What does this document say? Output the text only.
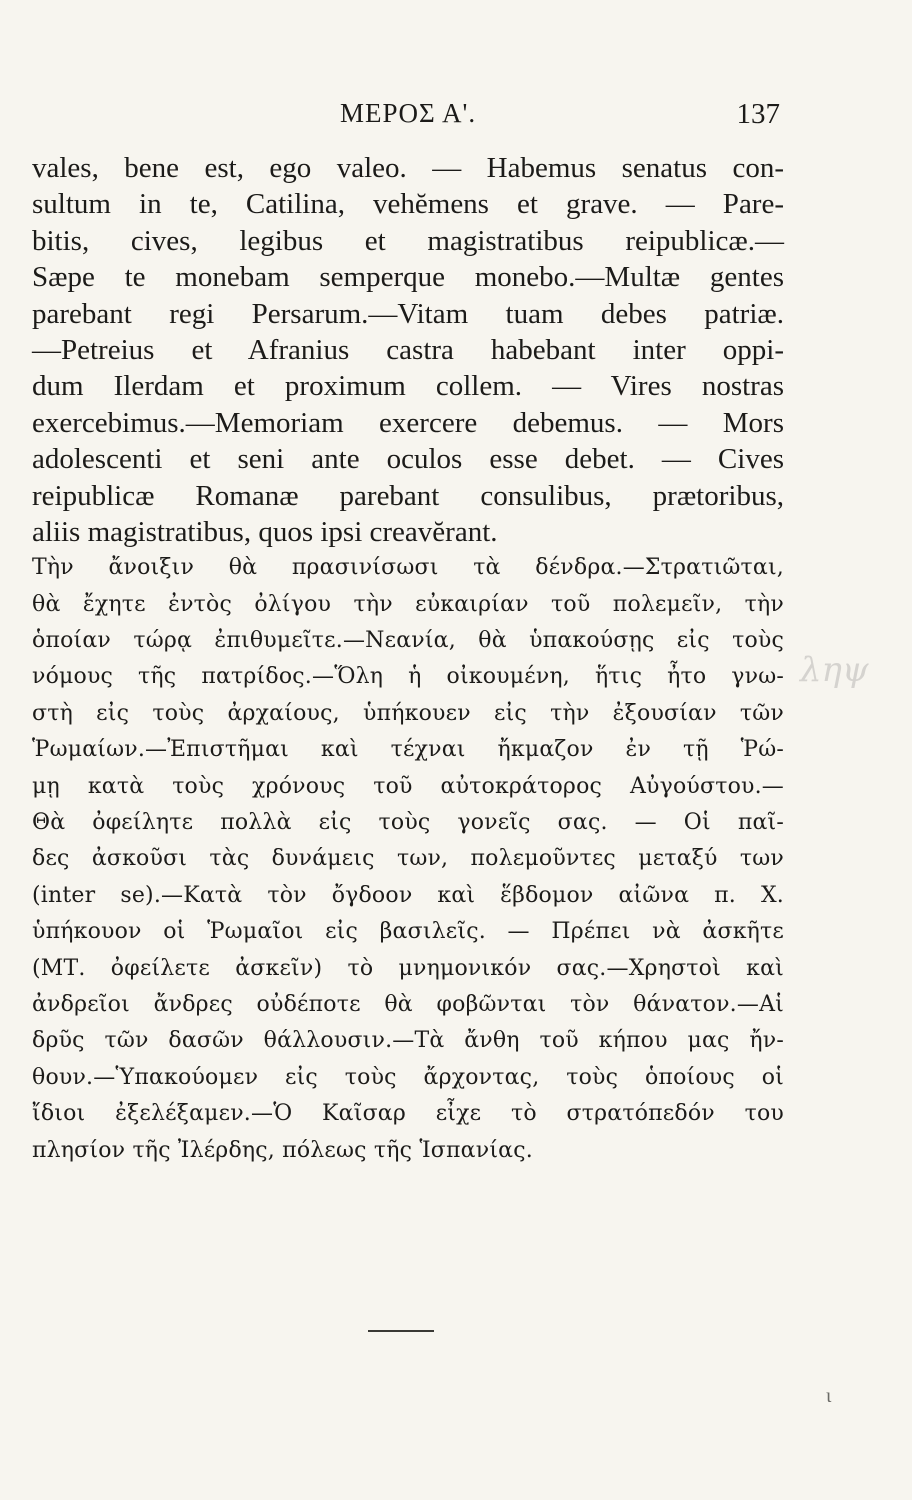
ΜΕΡΟΣ Α'.	137
vales, bene est, ego valeo. — Habemus senatus con-
sultum in te, Catilina, vehĕmens et grave. — Pare-
bitis, cives, legibus et magistratibus reipublicæ.—
Sæpe te monebam semperque monebo.—Multæ gentes
parebant regi Persarum.—Vitam tuam debes patriæ.
—Petreius et Afranius castra habebant inter oppi-
dum Ilerdam et proximum collem. — Vires nostras
exercebimus.—Memoriam exercere debemus. — Mors
adolescenti et seni ante oculos esse debet. — Cives
reipublicæ Romanæ parebant consulibus, prætoribus,
aliis magistratibus, quos ipsi creavĕrant.
Τὴν ἄνοιξιν θὰ πρασινίσωσι τὰ δένδρα.—Στρατιῶται,
θὰ ἔχητε ἐντὸς ὀλίγου τὴν εὐκαιρίαν τοῦ πολεμεῖν, τὴν
ὁποίαν τώρᾳ ἐπιθυμεῖτε.—Νεανία, θὰ ὑπακούσῃς εἰς τοὺς
νόμους τῆς πατρίδος.—Ὅλη ἡ οἰκουμένη, ἥτις ἦτο γνω-
στὴ εἰς τοὺς ἀρχαίους, ὑπήκουεν εἰς τὴν ἐξουσίαν τῶν
Ῥωμαίων.—Ἐπιστῆμαι καὶ τέχναι ἤκμαζον ἐν τῇ Ῥώ-
μῃ κατὰ τοὺς χρόνους τοῦ αὐτοκράτορος Αὐγούστου.—
Θὰ ὀφείλητε πολλὰ εἰς τοὺς γονεῖς σας. — Οἱ παῖ-
δες ἀσκοῦσι τὰς δυνάμεις των, πολεμοῦντες μεταξύ των
(inter se).—Κατὰ τὸν ὄγδοον καὶ ἕβδομον αἰῶνα π. Χ.
ὑπήκουον οἱ Ῥωμαῖοι εἰς βασιλεῖς. — Πρέπει νὰ ἀσκῆτε
(ΜΤ. ὀφείλετε ἀσκεῖν) τὸ μνημονικόν σας.—Χρηστοὶ καὶ
ἀνδρεῖοι ἄνδρες οὐδέποτε θὰ φοβῶνται τὸν θάνατον.—Αἱ
δρῦς τῶν δασῶν θάλλουσιν.—Τὰ ἄνθη τοῦ κήπου μας ἤν-
θουν.—Ὑπακούομεν εἰς τοὺς ἄρχοντας, τοὺς ὁποίους οἱ
ἴδιοι ἐξελέξαμεν.—Ὁ Καῖσαρ εἶχε τὸ στρατόπεδόν του
πλησίον τῆς Ἰλέρδης, πόλεως τῆς Ἱσπανίας.
ληψ
ι
